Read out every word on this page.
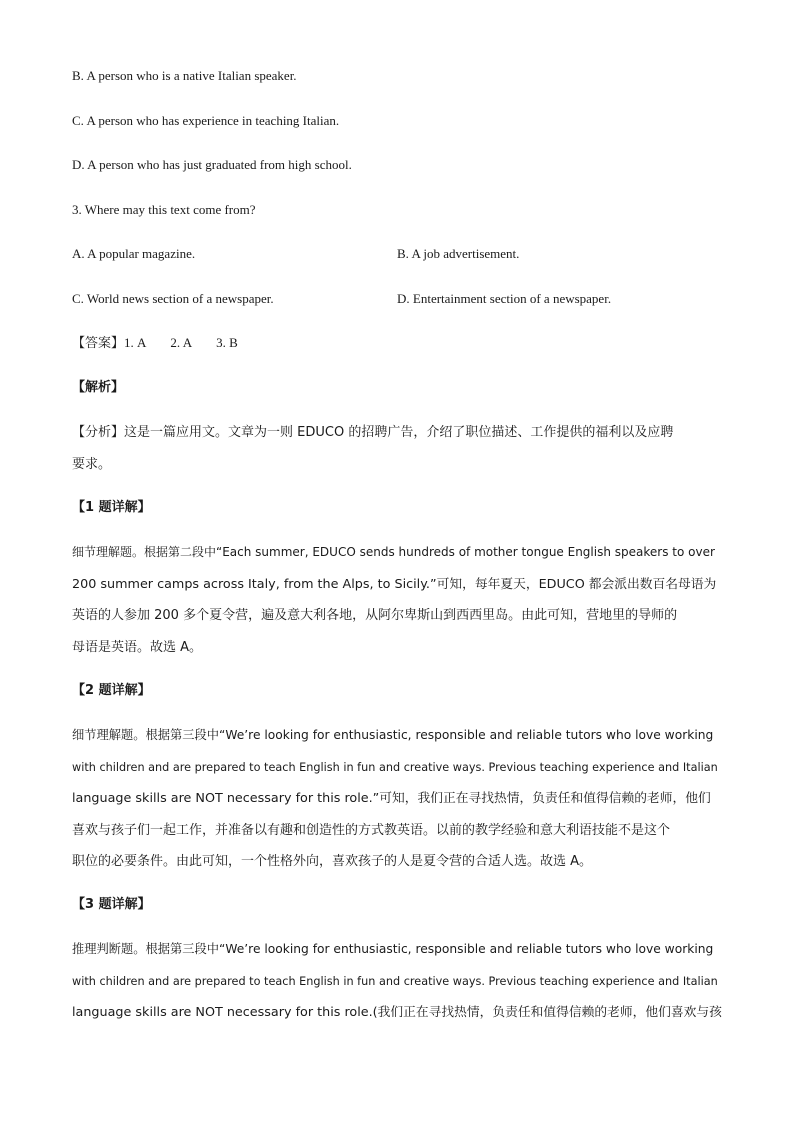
B. A person who is a native Italian speaker.
C. A person who has experience in teaching Italian.
D. A person who has just graduated from high school.
3. Where may this text come from?
A. A popular magazine.	B. A job advertisement.
C. World news section of a newspaper.	D. Entertainment section of a newspaper.
【答案】1. A 2. A 3. B
【解析】
【分析】这是一篇应用文。文章为一则 EDUCO 的招聘广告，介绍了职位描述、工作提供的福利以及应聘
要求。
【1 题详解】
细节理解题。根据第二段中“Each summer, EDUCO sends hundreds of mother tongue English speakers to over
200 summer camps across Italy, from the Alps, to Sicily.”可知，每年夏天，EDUCO 都会派出数百名母语为
英语的人参加 200 多个夏令营，遍及意大利各地，从阿尔卑斯山到西西里岛。由此可知，营地里的导师的
母语是英语。故选 A。
【2 题详解】
细节理解题。根据第三段中“We’re looking for enthusiastic, responsible and reliable tutors who love working
with children and are prepared to teach English in fun and creative ways. Previous teaching experience and Italian
language skills are NOT necessary for this role.”可知，我们正在寻找热情，负责任和值得信赖的老师，他们
喜欢与孩子们一起工作，并准备以有趣和创造性的方式教英语。以前的教学经验和意大利语技能不是这个
职位的必要条件。由此可知，一个性格外向，喜欢孩子的人是夏令营的合适人选。故选 A。
【3 题详解】
推理判断题。根据第三段中“We’re looking for enthusiastic, responsible and reliable tutors who love working
with children and are prepared to teach English in fun and creative ways. Previous teaching experience and Italian
language skills are NOT necessary for this role.(我们正在寻找热情，负责任和值得信赖的老师，他们喜欢与孩
